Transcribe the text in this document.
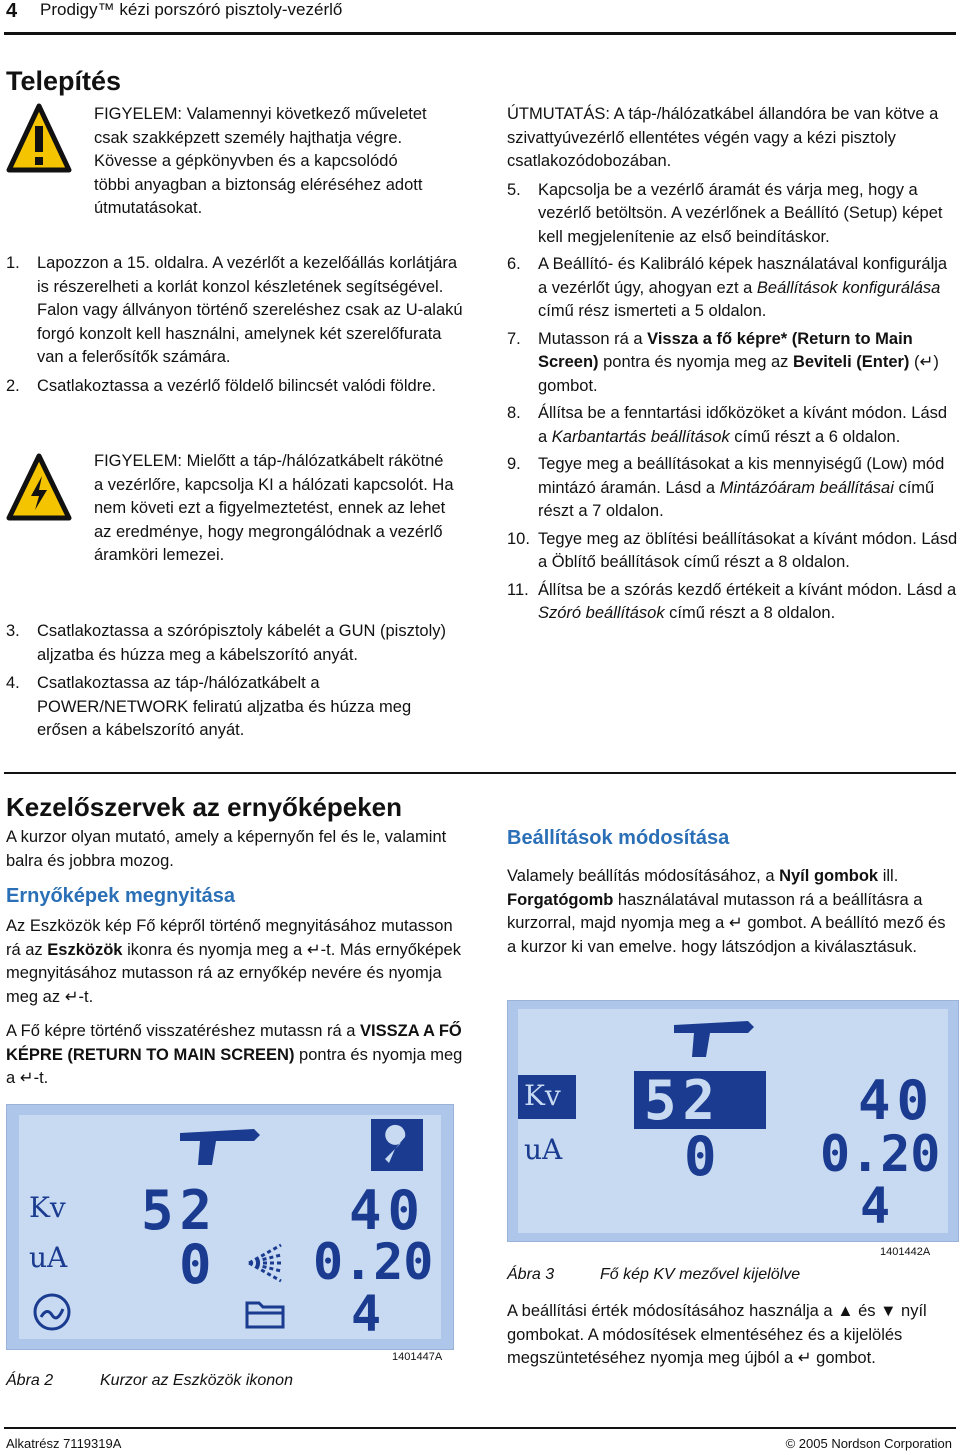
4 Prodigy™ kézi porszóró pisztoly-vezérlő
Telepítés
FIGYELEM: Valamennyi következő műveletet csak szakképzett személy hajthatja végre. Kövesse a gépkönyvben és a kapcsolódó többi anyagban a biztonság eléréséhez adott útmutatásokat.
1.	Lapozzon a 15. oldalra. A vezérlőt a kezelőállás korlátjára is részerelheti a korlát konzol készletének segítségével. Falon vagy állványon történő szereléshez csak az U-alakú forgó konzolt kell használni, amelynek két szerelőfurata van a felerősítők számára.
2.	Csatlakoztassa a vezérlő földelő bilincsét valódi földre.
FIGYELEM: Mielőtt a táp-/hálózatkábelt rákötné a vezérlőre, kapcsolja KI a hálózati kapcsolót. Ha nem követi ezt a figyelmeztetést, ennek az lehet az eredménye, hogy megrongálódnak a vezérlő áramköri lemezei.
3.	Csatlakoztassa a szórópisztoly kábelét a GUN (pisztoly) aljzatba és húzza meg a kábelszorító anyát.
4.	Csatlakoztassa az táp-/hálózatkábelt a POWER/NETWORK feliratú aljzatba és húzza meg erősen a kábelszorító anyát.
ÚTMUTATÁS: A táp-/hálózatkábel állandóra be van kötve a szivattyúvezérlő ellentétes végén vagy a kézi pisztoly csatlakozódobozában.
5.	Kapcsolja be a vezérlő áramát és várja meg, hogy a vezérlő betöltsön. A vezérlőnek a Beállító (Setup) képet kell megjelenítenie az első beindításkor.
6.	A Beállító- és Kalibráló képek használatával konfigurálja a vezérlőt úgy, ahogyan ezt a Beállítások konfigurálása című rész ismerteti a 5 oldalon.
7.	Mutasson rá a Vissza a fő képre* (Return to Main Screen) pontra és nyomja meg az Beviteli (Enter) (↵) gombot.
8.	Állítsa be a fenntartási időközöket a kívánt módon. Lásd a Karbantartás beállítások című részt a 6 oldalon.
9.	Tegye meg a beállításokat a kis mennyiségű (Low) mód mintázó áramán. Lásd a Mintázóáram beállításai című részt a 7 oldalon.
10. Tegye meg az öblítési beállításokat a kívánt módon. Lásd a Öblítő beállítások című részt a 8 oldalon.
11. Állítsa be a szórás kezdő értékeit a kívánt módon. Lásd a Szóró beállítások című részt a 8 oldalon.
Kezelőszervek az ernyőképeken
A kurzor olyan mutató, amely a képernyőn fel és le, valamint balra és jobbra mozog.
Ernyőképek megnyitása
Az Eszközök kép Fő képről történő megnyitásához mutasson rá az Eszközök ikonra és nyomja meg a ↵-t. Más ernyőképek megnyitásához mutasson rá az ernyőkép nevére és nyomja meg az ↵-t.
A Fő képre történő visszatéréshez mutassn rá a VISSZA A FŐ KÉPRE (RETURN TO MAIN SCREEN) pontra és nyomja meg a ↵-t.
Kv
uA
52
0
40
0.20
4
1401447A
Ábra 2	Kurzor az Eszközök ikonon
Beállítások módosítása
Valamely beállítás módosításához, a Nyíl gombok ill. Forgatógomb használatával mutasson rá a beállításra a kurzorral, majd nyomja meg a ↵ gombot. A beállító mező és a kurzor ki van emelve. hogy látszódjon a kiválasztásuk.
Kv
uA
52
0
40
0.20
4
1401442A
Ábra 3	Fő kép KV mezővel kijelölve
A beállítási érték módosításához használja a ▲ és ▼ nyíl gombokat. A módosítések elmentéséhez és a kijelölés megszüntetéséhez nyomja meg újból a ↵ gombot.
Alkatrész 7119319A	© 2005 Nordson Corporation
